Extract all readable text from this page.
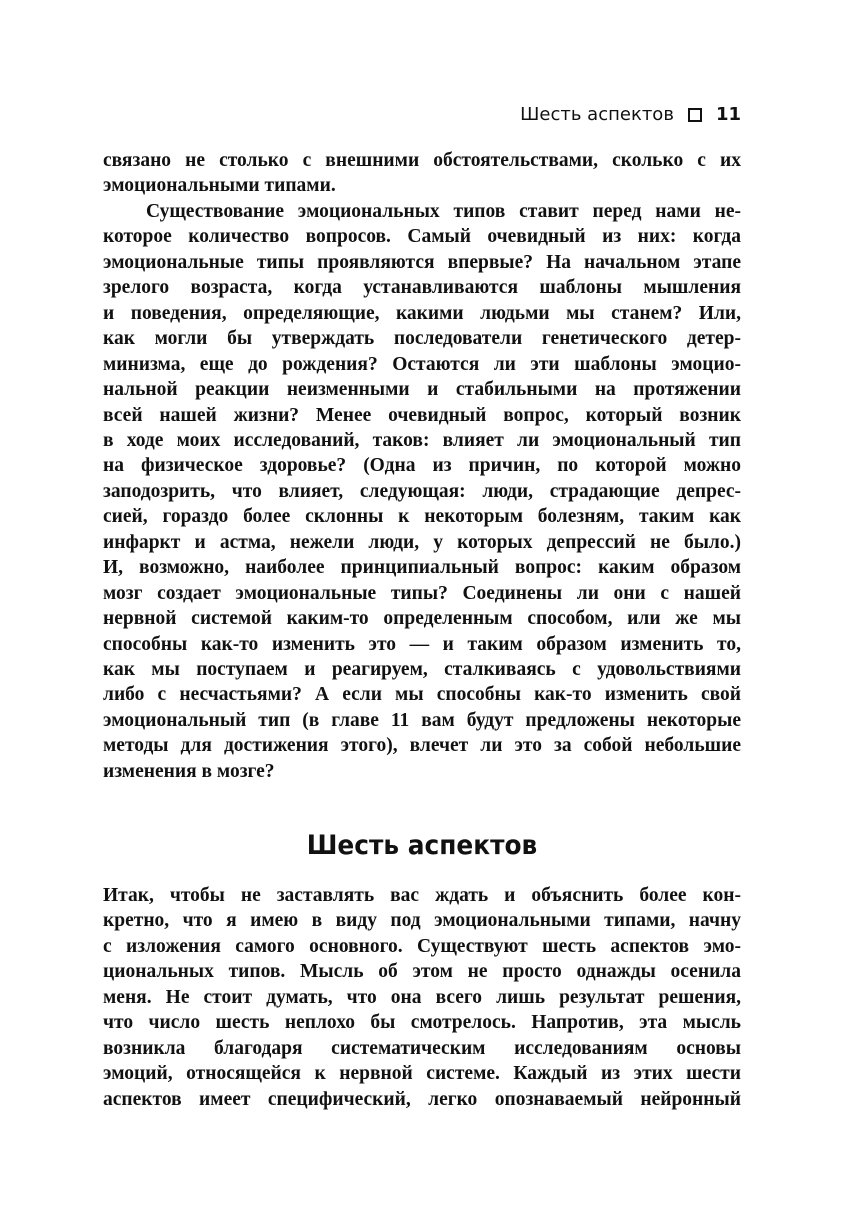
Шесть аспектов 11
связано не столько с внешними обстоятельствами, сколько с их
эмоциональными типами.
Существование эмоциональных типов ставит перед нами не-
которое количество вопросов. Самый очевидный из них: когда
эмоциональные типы проявляются впервые? На начальном этапе
зрелого возраста, когда устанавливаются шаблоны мышления
и поведения, определяющие, какими людьми мы станем? Или,
как могли бы утверждать последователи генетического детер-
минизма, еще до рождения? Остаются ли эти шаблоны эмоцио-
нальной реакции неизменными и стабильными на протяжении
всей нашей жизни? Менее очевидный вопрос, который возник
в ходе моих исследований, таков: влияет ли эмоциональный тип
на физическое здоровье? (Одна из причин, по которой можно
заподозрить, что влияет, следующая: люди, страдающие депрес-
сией, гораздо более склонны к некоторым болезням, таким как
инфаркт и астма, нежели люди, у которых депрессий не было.)
И, возможно, наиболее принципиальный вопрос: каким образом
мозг создает эмоциональные типы? Соединены ли они с нашей
нервной системой каким-то определенным способом, или же мы
способны как-то изменить это — и таким образом изменить то,
как мы поступаем и реагируем, сталкиваясь с удовольствиями
либо с несчастьями? А если мы способны как-то изменить свой
эмоциональный тип (в главе 11 вам будут предложены некоторые
методы для достижения этого), влечет ли это за собой небольшие
изменения в мозге?
Шесть аспектов
Итак, чтобы не заставлять вас ждать и объяснить более кон-
кретно, что я имею в виду под эмоциональными типами, начну
с изложения самого основного. Существуют шесть аспектов эмо-
циональных типов. Мысль об этом не просто однажды осенила
меня. Не стоит думать, что она всего лишь результат решения,
что число шесть неплохо бы смотрелось. Напротив, эта мысль
возникла благодаря систематическим исследованиям основы
эмоций, относящейся к нервной системе. Каждый из этих шести
аспектов имеет специфический, легко опознаваемый нейронный
